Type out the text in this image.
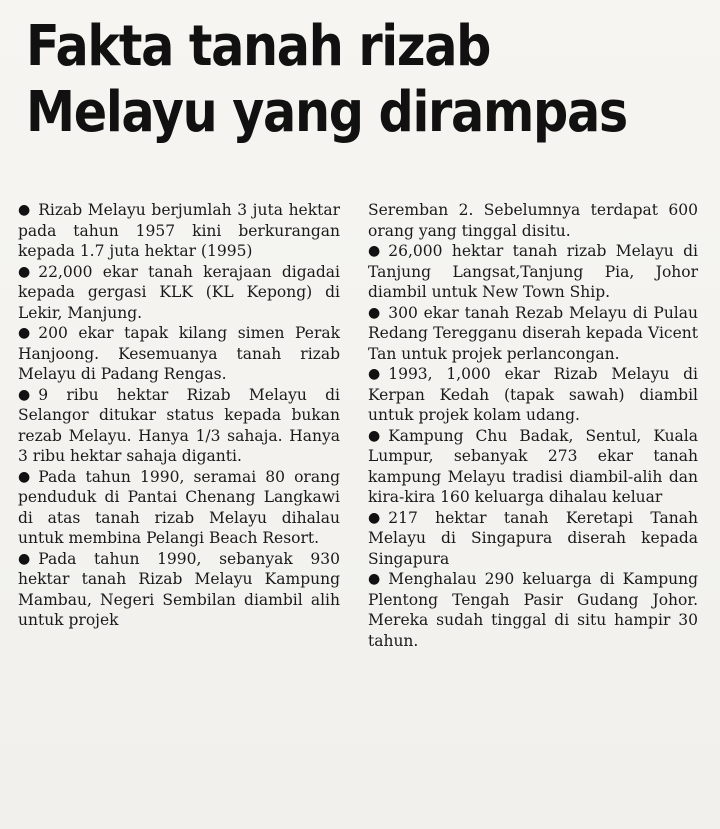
Fakta tanah rizab
Melayu yang dirampas

● Rizab Melayu berjumlah 3 juta hektar pada tahun 1957 kini berkurangan kepada 1.7 juta hektar (1995)

● 22,000 ekar tanah kerajaan digadai kepada gergasi KLK (KL Kepong) di Lekir, Manjung.

● 200 ekar tapak kilang simen Perak Hanjoong. Kesemuanya tanah rizab Melayu di Padang Rengas.

● 9 ribu hektar Rizab Melayu di Selangor ditukar status kepada bukan rezab Melayu. Hanya 1/3 sahaja. Hanya 3 ribu hektar sahaja diganti.

● Pada tahun 1990, seramai 80 orang penduduk di Pantai Chenang Langkawi di atas tanah rizab Melayu dihalau untuk membina Pelangi Beach Resort.

● Pada tahun 1990, sebanyak 930 hektar tanah Rizab Melayu Kampung Mambau, Negeri Sembilan diambil alih untuk projek

Seremban 2. Sebelumnya terdapat 600 orang yang tinggal disitu.

● 26,000 hektar tanah rizab Melayu di Tanjung Langsat,Tanjung Pia, Johor diambil untuk New Town Ship.

● 300 ekar tanah Rezab Melayu di Pulau Redang Teregganu diserah kepada Vicent Tan untuk projek perlancongan.

● 1993, 1,000 ekar Rizab Melayu di Kerpan Kedah (tapak sawah) diambil untuk projek kolam udang.

● Kampung Chu Badak, Sentul, Kuala Lumpur, sebanyak 273 ekar tanah kampung Melayu tradisi diambil-alih dan kira-kira 160 keluarga dihalau keluar

● 217 hektar tanah Keretapi Tanah Melayu di Singapura diserah kepada Singapura

● Menghalau 290 keluarga di Kampung Plentong Tengah Pasir Gudang Johor. Mereka sudah tinggal di situ hampir 30 tahun.
